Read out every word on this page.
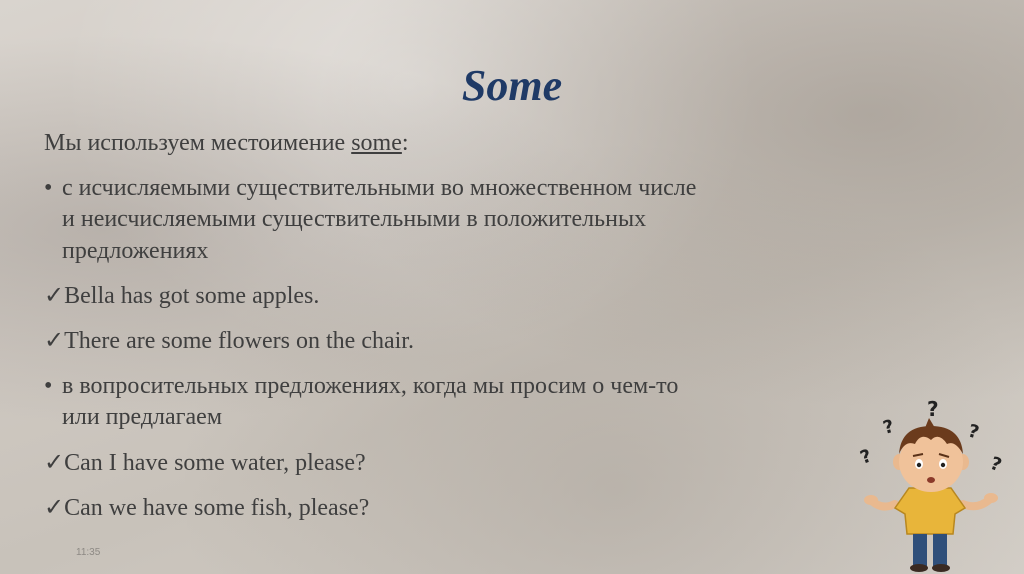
Some

Мы используем местоимение some:

• с исчисляемыми существительными во множественном числе

и неисчисляемыми существительными в положительных

предложениях

✓Bella has got some apples.

✓There are some flowers on the chair.

• в вопросительных предложениях, когда мы просим о чем-то

или предлагаем

✓Can I have some water, please?

✓Can we have some fish, please?

11:35
?
?
?
?
?
